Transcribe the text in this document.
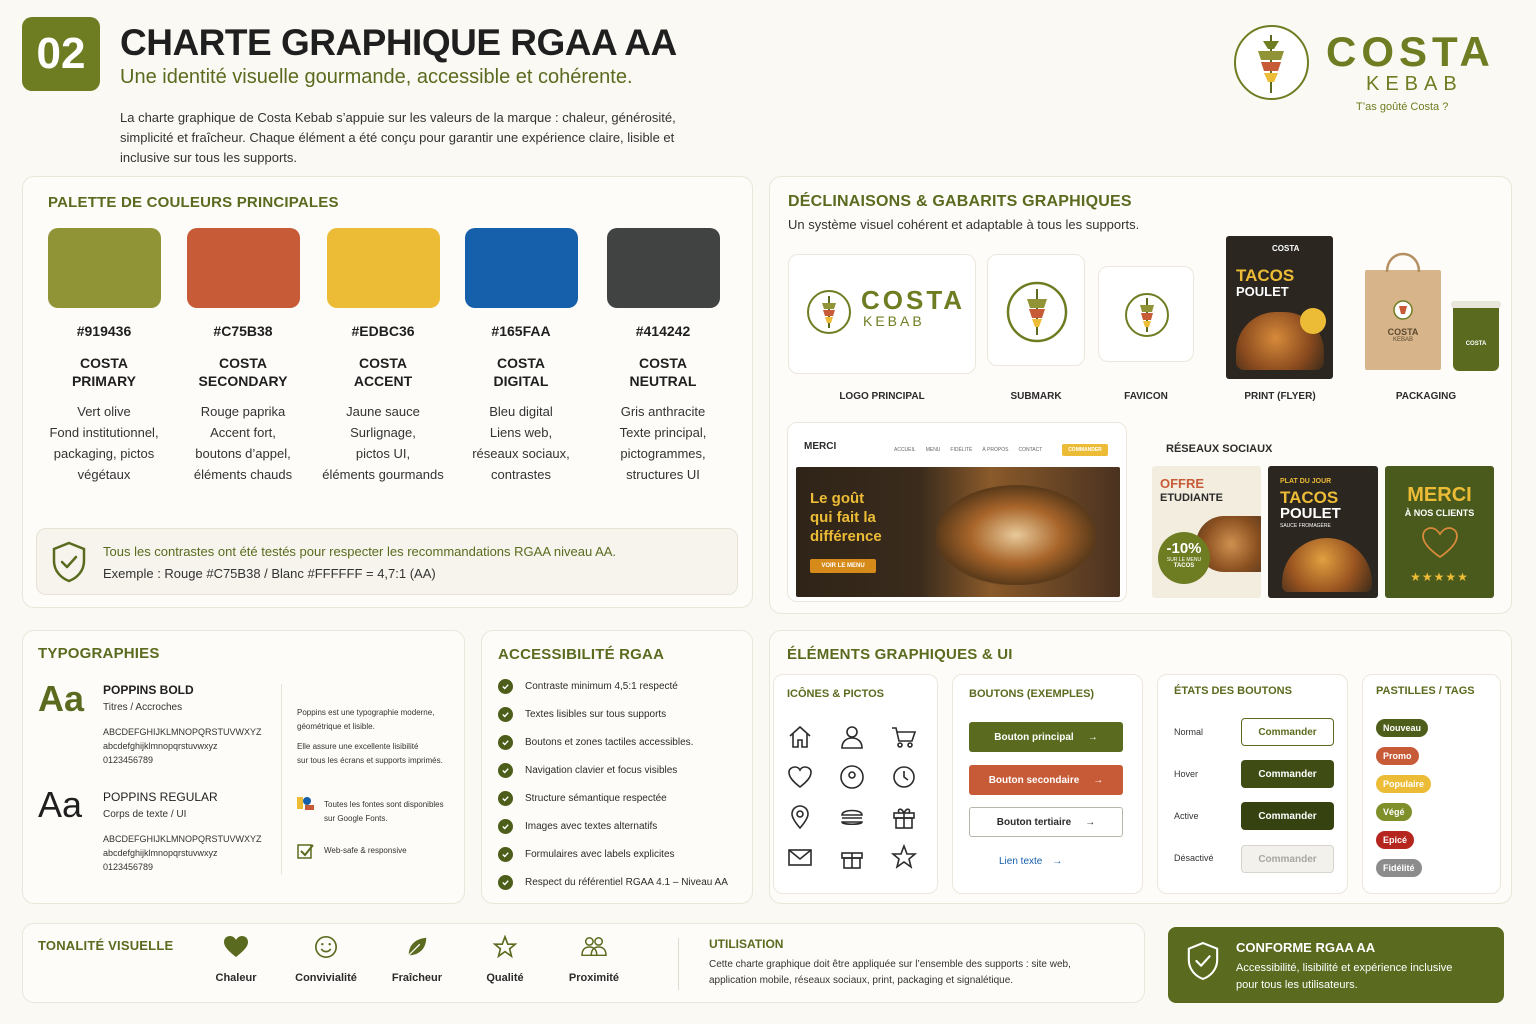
02 CHARTE GRAPHIQUE RGAA AA
Une identité visuelle gourmande, accessible et cohérente.
La charte graphique de Costa Kebab s’appuie sur les valeurs de la marque : chaleur, générosité, simplicité et fraîcheur. Chaque élément a été conçu pour garantir une expérience claire, lisible et inclusive sur tous les supports.
COSTA
KEBAB
T’as goûté Costa ?
PALETTE DE COULEURS PRINCIPALES
#919436
COSTA
PRIMARY
Vert olive
Fond institutionnel,
packaging, pictos
végétaux
#C75B38
COSTA
SECONDARY
Rouge paprika
Accent fort,
boutons d’appel,
éléments chauds
#EDBC36
COSTA
ACCENT
Jaune sauce
Surlignage,
pictos UI,
éléments gourmands
#165FAA
COSTA
DIGITAL
Bleu digital
Liens web,
réseaux sociaux,
contrastes
#414242
COSTA
NEUTRAL
Gris anthracite
Texte principal,
pictogrammes,
structures UI
Tous les contrastes ont été testés pour respecter les recommandations RGAA niveau AA.
Exemple : Rouge #C75B38 / Blanc #FFFFFF = 4,7:1 (AA)
DÉCLINAISONS & GABARITS GRAPHIQUES
Un système visuel cohérent et adaptable à tous les supports.
COSTA
KEBAB
COSTA
TACOS
POULET
COSTA
KEBAB
COSTA
LOGO PRINCIPAL	SUBMARK	FAVICON	PRINT (FLYER)	PACKAGING
MERCI	ACCUEIL MENU FIDÉLITÉ À PROPOS CONTACT	COMMANDER
Le goût
qui fait la
différence
VOIR LE MENU
RÉSEAUX SOCIAUX
OFFRE
ETUDIANTE
-10%
SUR LE MENU
TACOS
PLAT DU JOUR
TACOS
POULET
SAUCE FROMAGÈRE
MERCI
À NOS CLIENTS
★★★★★
TYPOGRAPHIES
Aa POPPINS BOLD
Titres / Accroches
ABCDEFGHIJKLMNOPQRSTUVWXYZ
abcdefghijklmnopqrstuvwxyz
0123456789
Aa POPPINS REGULAR
Corps de texte / UI
ABCDEFGHIJKLMNOPQRSTUVWXYZ
abcdefghijklmnopqrstuvwxyz
0123456789
Poppins est une typographie moderne,
géométrique et lisible.
Elle assure une excellente lisibilité
sur tous les écrans et supports imprimés.
Toutes les fontes sont disponibles
sur Google Fonts.
Web-safe & responsive
ACCESSIBILITÉ RGAA
Contraste minimum 4,5:1 respecté
Textes lisibles sur tous supports
Boutons et zones tactiles accessibles.
Navigation clavier et focus visibles
Structure sémantique respectée
Images avec textes alternatifs
Formulaires avec labels explicites
Respect du référentiel RGAA 4.1 – Niveau AA
ÉLÉMENTS GRAPHIQUES & UI
ICÔNES & PICTOS	BOUTONS (EXEMPLES)
Bouton principal →
Bouton secondaire →
Bouton tertiaire →
Lien texte →
ÉTATS DES BOUTONS
Normal	Commander
Hover	Commander
Active	Commander
Désactivé	Commander
PASTILLES / TAGS
Nouveau
Promo
Populaire
Végé
Epicé
Fidélité
TONALITÉ VISUELLE
Chaleur	Convivialité	Fraîcheur	Qualité	Proximité
UTILISATION
Cette charte graphique doit être appliquée sur l’ensemble des supports : site web,
application mobile, réseaux sociaux, print, packaging et signalétique.
CONFORME RGAA AA
Accessibilité, lisibilité et expérience inclusive
pour tous les utilisateurs.
